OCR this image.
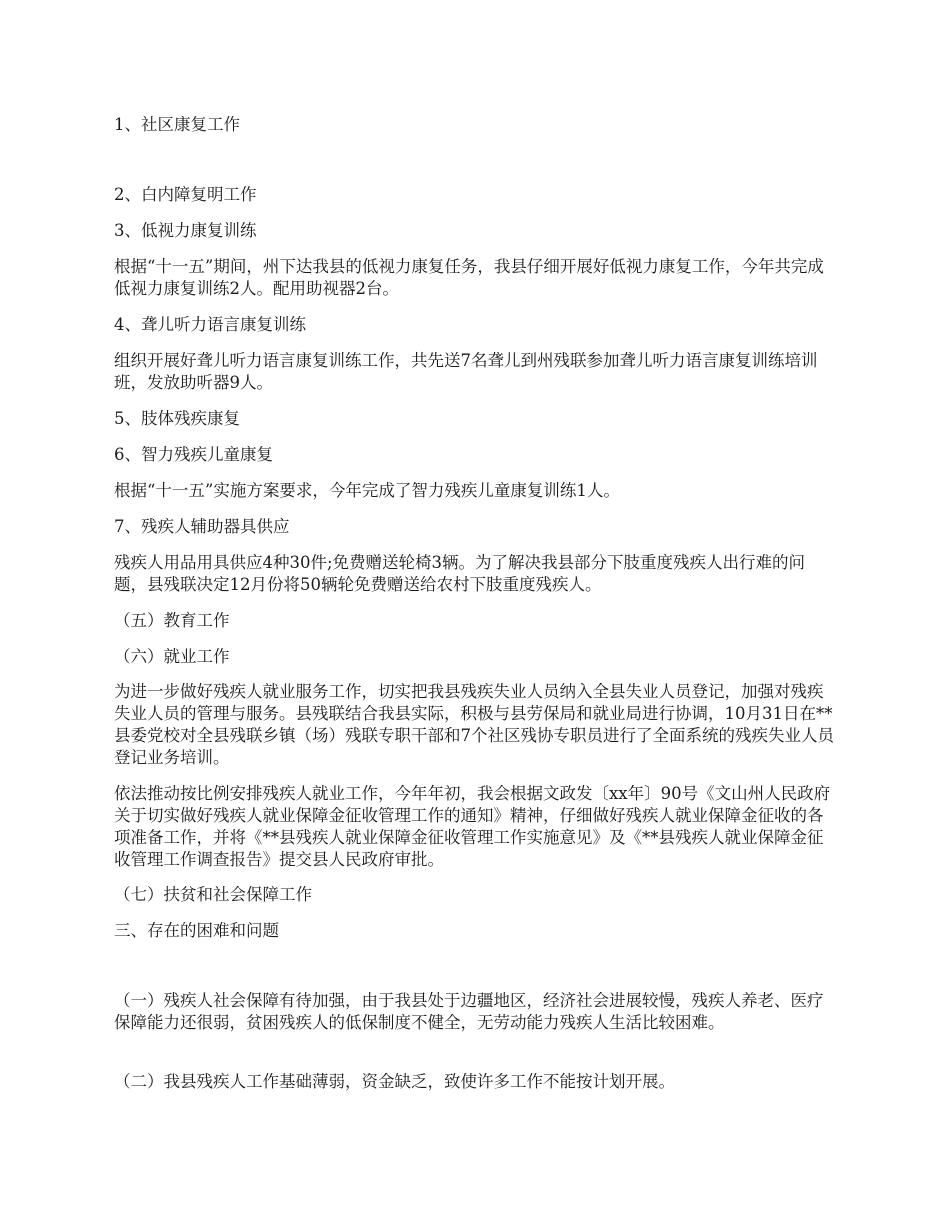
1、社区康复工作

2、白内障复明工作

3、低视力康复训练

根据“十一五”期间，州下达我县的低视力康复任务，我县仔细开展好低视力康复工作，今年共完成低视力康复训练2人。配用助视器2台。

4、聋儿听力语言康复训练

组织开展好聋儿听力语言康复训练工作，共先送7名聋儿到州残联参加聋儿听力语言康复训练培训班，发放助听器9人。

5、肢体残疾康复

6、智力残疾儿童康复

根据“十一五”实施方案要求，今年完成了智力残疾儿童康复训练1人。

7、残疾人辅助器具供应

残疾人用品用具供应4种30件;免费赠送轮椅3辆。为了解决我县部分下肢重度残疾人出行难的问题，县残联决定12月份将50辆轮免费赠送给农村下肢重度残疾人。

（五）教育工作

（六）就业工作

为进一步做好残疾人就业服务工作，切实把我县残疾失业人员纳入全县失业人员登记，加强对残疾失业人员的管理与服务。县残联结合我县实际，积极与县劳保局和就业局进行协调，10月31日在**县委党校对全县残联乡镇（场）残联专职干部和7个社区残协专职员进行了全面系统的残疾失业人员登记业务培训。

依法推动按比例安排残疾人就业工作，今年年初，我会根据文政发〔xx年〕90号《文山州人民政府关于切实做好残疾人就业保障金征收管理工作的通知》精神，仔细做好残疾人就业保障金征收的各项准备工作，并将《**县残疾人就业保障金征收管理工作实施意见》及《**县残疾人就业保障金征收管理工作调查报告》提交县人民政府审批。

（七）扶贫和社会保障工作

三、存在的困难和问题

（一）残疾人社会保障有待加强，由于我县处于边疆地区，经济社会进展较慢，残疾人养老、医疗保障能力还很弱，贫困残疾人的低保制度不健全，无劳动能力残疾人生活比较困难。

（二）我县残疾人工作基础薄弱，资金缺乏，致使许多工作不能按计划开展。
